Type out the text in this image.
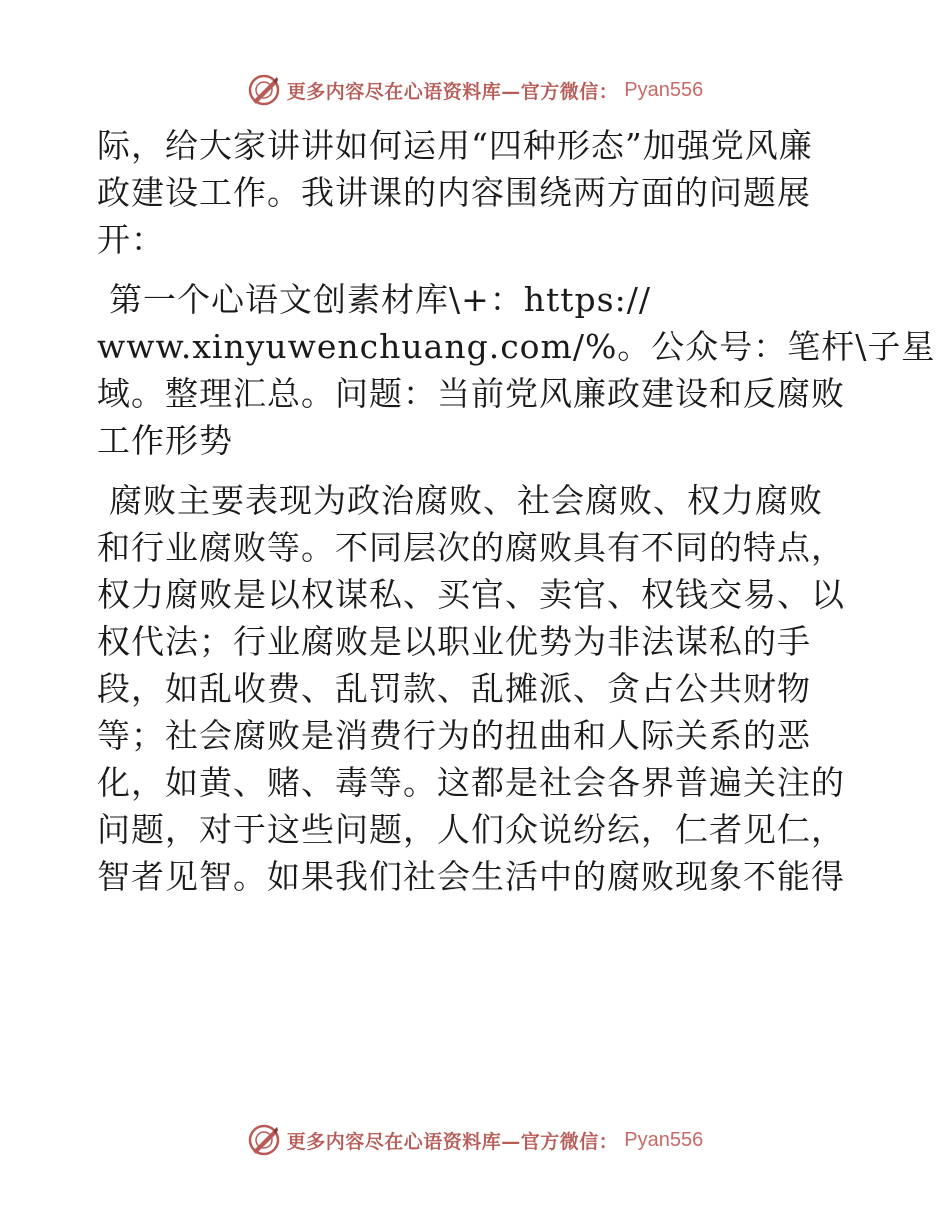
更多内容尽在心语资料库—官方微信： Pyan556
际，给大家讲讲如何运用“四种形态”加强党风廉
政建设工作。我讲课的内容围绕两方面的问题展
开：
第一个心语文创素材库\+：https://
www.xinyuwenchuang.com/%。公众号：笔杆\子星
域。整理汇总。问题：当前党风廉政建设和反腐败
工作形势
腐败主要表现为政治腐败、社会腐败、权力腐败
和行业腐败等。不同层次的腐败具有不同的特点，
权力腐败是以权谋私、买官、卖官、权钱交易、以
权代法；行业腐败是以职业优势为非法谋私的手
段，如乱收费、乱罚款、乱摊派、贪占公共财物
等；社会腐败是消费行为的扭曲和人际关系的恶
化，如黄、赌、毒等。这都是社会各界普遍关注的
问题，对于这些问题，人们众说纷纭，仁者见仁，
智者见智。如果我们社会生活中的腐败现象不能得
更多内容尽在心语资料库—官方微信： Pyan556
